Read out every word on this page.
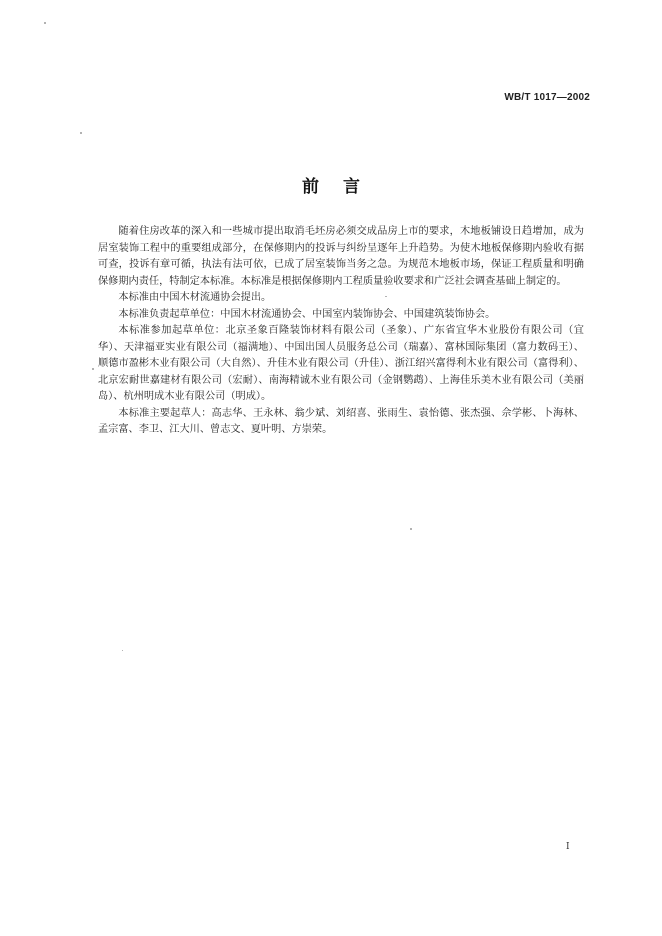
WB/T 1017—2002
前言

随着住房改革的深入和一些城市提出取消毛坯房必须交成品房上市的要求，木地板铺设日趋增加，成为居室装饰工程中的重要组成部分，在保修期内的投诉与纠纷呈逐年上升趋势。为使木地板保修期内验收有据可查，投诉有章可循，执法有法可依，已成了居室装饰当务之急。为规范木地板市场，保证工程质量和明确保修期内责任，特制定本标准。本标准是根据保修期内工程质量验收要求和广泛社会调查基础上制定的。

本标准由中国木材流通协会提出。

本标准负责起草单位：中国木材流通协会、中国室内装饰协会、中国建筑装饰协会。

本标准参加起草单位：北京圣象百隆装饰材料有限公司（圣象）、广东省宜华木业股份有限公司（宜华）、天津福亚实业有限公司（福满地）、中国出国人员服务总公司（瑞嘉）、富林国际集团（富力数码王）、顺德市盈彬木业有限公司（大自然）、升佳木业有限公司（升佳）、浙江绍兴富得利木业有限公司（富得利）、北京宏耐世嘉建材有限公司（宏耐）、南海精诚木业有限公司（金钢鹦鹉）、上海佳乐美木业有限公司（美丽岛）、杭州明成木业有限公司（明成）。

本标准主要起草人：高志华、王永林、翁少斌、刘绍喜、张雨生、袁怡德、张杰强、佘学彬、卜海林、孟宗富、李卫、江大川、曾志文、夏叶明、方崇荣。

I
